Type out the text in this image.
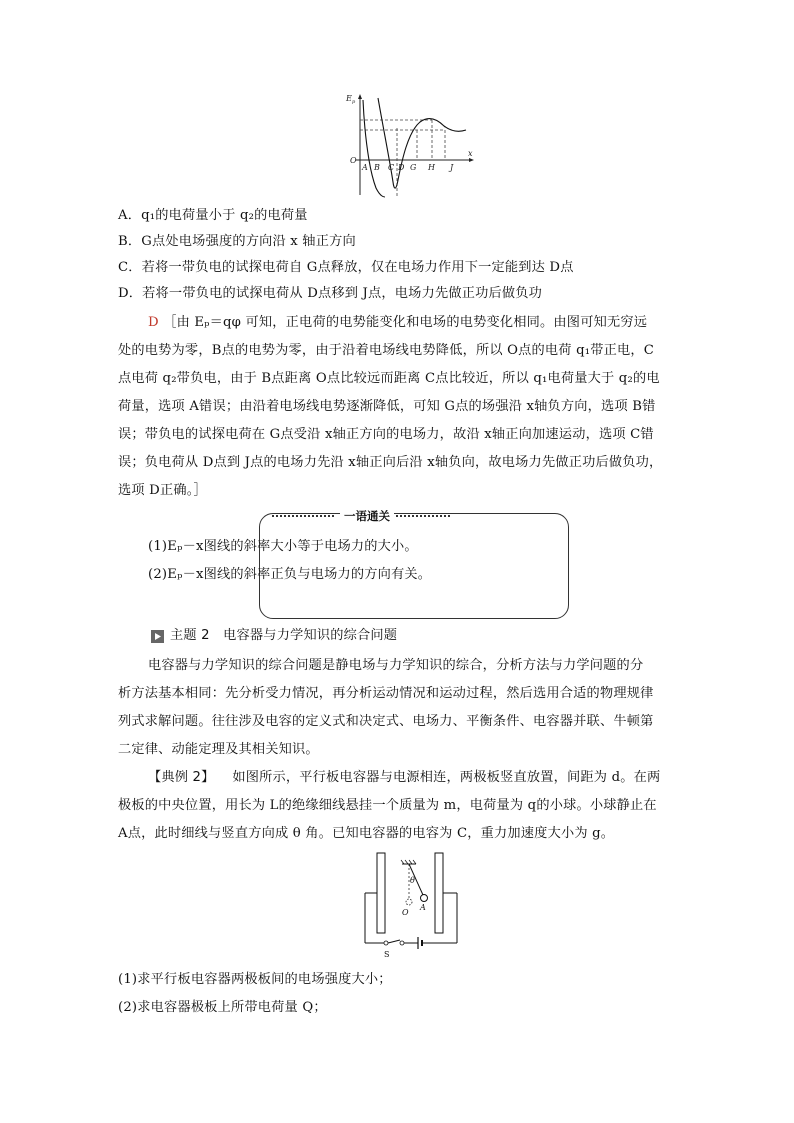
E p
O
x
A B C D G H J
A．q₁的电荷量小于 q₂的电荷量
B．G点处电场强度的方向沿 x 轴正方向
C．若将一带负电的试探电荷自 G点释放，仅在电场力作用下一定能到达 D点
D．若将一带负电的试探电荷从 D点移到 J点，电场力先做正功后做负功
D ［由 Eₚ＝qφ 可知，正电荷的电势能变化和电场的电势变化相同。由图可知无穷远
处的电势为零，B点的电势为零，由于沿着电场线电势降低，所以 O点的电荷 q₁带正电，C
点电荷 q₂带负电，由于 B点距离 O点比较远而距离 C点比较近，所以 q₁电荷量大于 q₂的电
荷量，选项 A错误；由沿着电场线电势逐渐降低，可知 G点的场强沿 x轴负方向，选项 B错
误；带负电的试探电荷在 G点受沿 x轴正方向的电场力，故沿 x轴正向加速运动，选项 C错
误；负电荷从 D点到 J点的电场力先沿 x轴正向后沿 x轴负向，故电场力先做正功后做负功，
选项 D正确。］
一语通关
(1)Eₚ－x图线的斜率大小等于电场力的大小。
(2)Eₚ－x图线的斜率正负与电场力的方向有关。
主题 2　电容器与力学知识的综合问题
电容器与力学知识的综合问题是静电场与力学知识的综合，分析方法与力学问题的分
析方法基本相同：先分析受力情况，再分析运动情况和运动过程，然后选用合适的物理规律
列式求解问题。往往涉及电容的定义式和决定式、电场力、平衡条件、电容器并联、牛顿第
二定律、动能定理及其相关知识。
【典例 2】 　如图所示，平行板电容器与电源相连，两极板竖直放置，间距为 d。在两
极板的中央位置，用长为 L的绝缘细线悬挂一个质量为 m，电荷量为 q的小球。小球静止在
A点，此时细线与竖直方向成 θ 角。已知电容器的电容为 C，重力加速度大小为 g。
S
θ
A
O
(1)求平行板电容器两极板间的电场强度大小；
(2)求电容器极板上所带电荷量 Q；
